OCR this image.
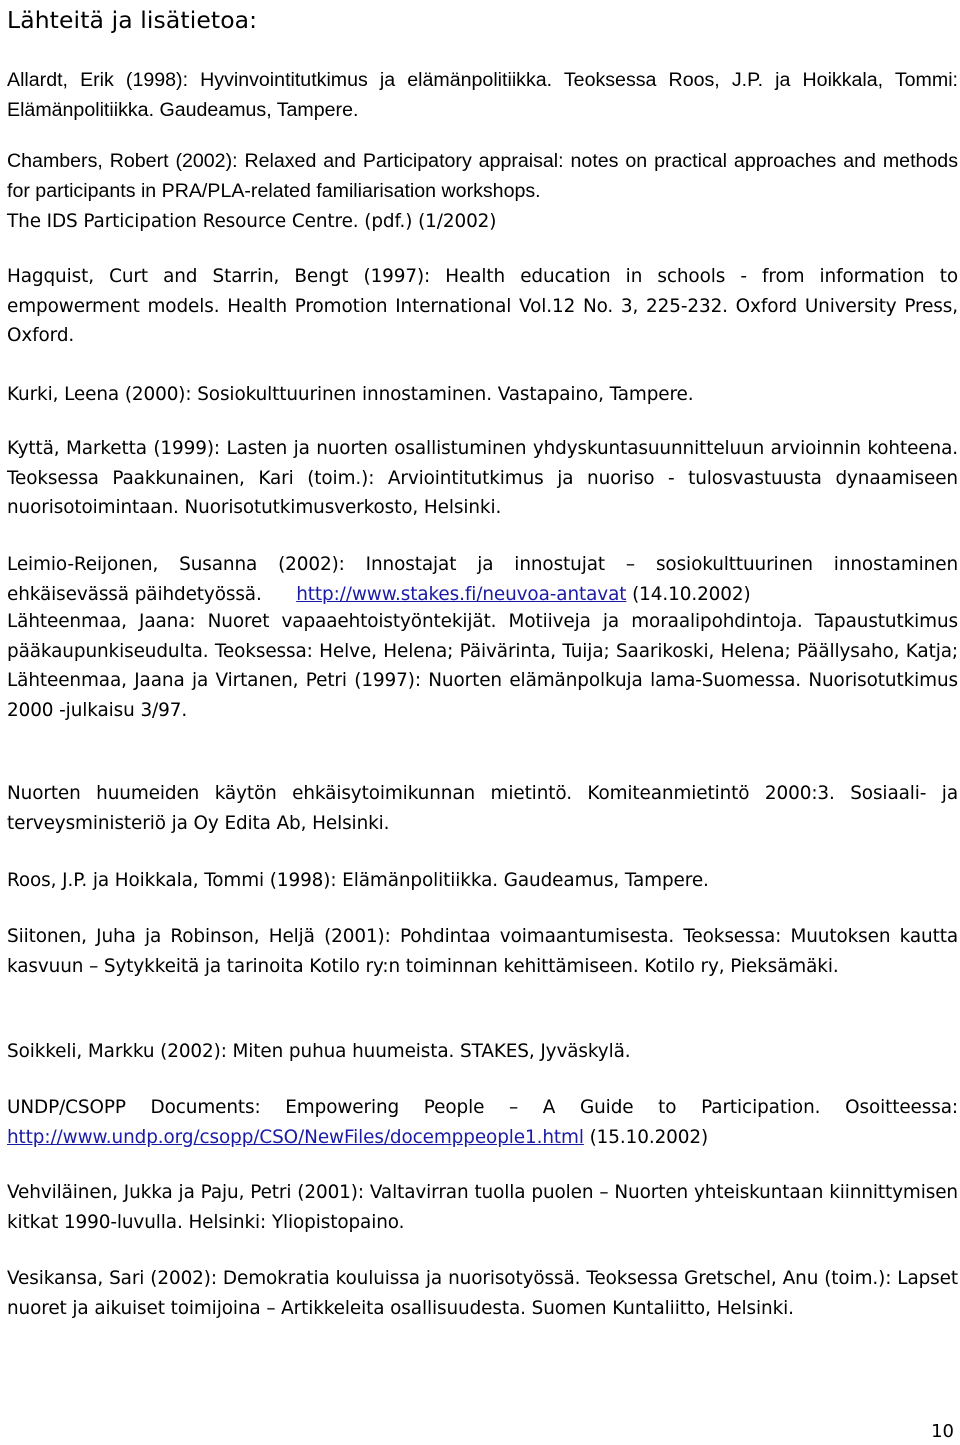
Lähteitä ja lisätietoa:

Allardt, Erik (1998): Hyvinvointitutkimus ja elämänpolitiikka. Teoksessa Roos, J.P. ja Hoikkala, Tommi: Elämänpolitiikka. Gaudeamus, Tampere.

Chambers, Robert (2002): Relaxed and Participatory appraisal: notes on practical approaches and methods for participants in PRA/PLA-related familiarisation workshops.

The IDS Participation Resource Centre. (pdf.) (1/2002)

Hagquist, Curt and Starrin, Bengt (1997): Health education in schools - from information to empowerment models. Health Promotion International Vol.12 No. 3, 225-232. Oxford University Press, Oxford.

Kurki, Leena (2000): Sosiokulttuurinen innostaminen. Vastapaino, Tampere.

Kyttä, Marketta (1999): Lasten ja nuorten osallistuminen yhdyskuntasuunnitteluun arvioinnin kohteena. Teoksessa Paakkunainen, Kari (toim.): Arviointitutkimus ja nuoriso - tulosvastuusta dynaamiseen nuorisotoimintaan. Nuorisotutkimusverkosto, Helsinki.

Leimio-Reijonen, Susanna (2002): Innostajat ja innostujat – sosiokulttuurinen innostaminen ehkäisevässä päihdetyössä. http://www.stakes.fi/neuvoa-antavat (14.10.2002)

Lähteenmaa, Jaana: Nuoret vapaaehtoistyöntekijät. Motiiveja ja moraalipohdintoja. Tapaustutkimus pääkaupunkiseudulta. Teoksessa: Helve, Helena; Päivärinta, Tuija; Saarikoski, Helena; Päällysaho, Katja; Lähteenmaa, Jaana ja Virtanen, Petri (1997): Nuorten elämänpolkuja lama-Suomessa. Nuorisotutkimus 2000 -julkaisu 3/97.

Nuorten huumeiden käytön ehkäisytoimikunnan mietintö. Komiteanmietintö 2000:3. Sosiaali- ja terveysministeriö ja Oy Edita Ab, Helsinki.

Roos, J.P. ja Hoikkala, Tommi (1998): Elämänpolitiikka. Gaudeamus, Tampere.

Siitonen, Juha ja Robinson, Heljä (2001): Pohdintaa voimaantumisesta. Teoksessa: Muutoksen kautta kasvuun – Sytykkeitä ja tarinoita Kotilo ry:n toiminnan kehittämiseen. Kotilo ry, Pieksämäki.

Soikkeli, Markku (2002): Miten puhua huumeista. STAKES, Jyväskylä.

UNDP/CSOPP Documents: Empowering People – A Guide to Participation. Osoitteessa: http://www.undp.org/csopp/CSO/NewFiles/docemppeople1.html (15.10.2002)

Vehviläinen, Jukka ja Paju, Petri (2001): Valtavirran tuolla puolen – Nuorten yhteiskuntaan kiinnittymisen kitkat 1990-luvulla. Helsinki: Yliopistopaino.

Vesikansa, Sari (2002): Demokratia kouluissa ja nuorisotyössä. Teoksessa Gretschel, Anu (toim.): Lapset nuoret ja aikuiset toimijoina – Artikkeleita osallisuudesta. Suomen Kuntaliitto, Helsinki.

10
